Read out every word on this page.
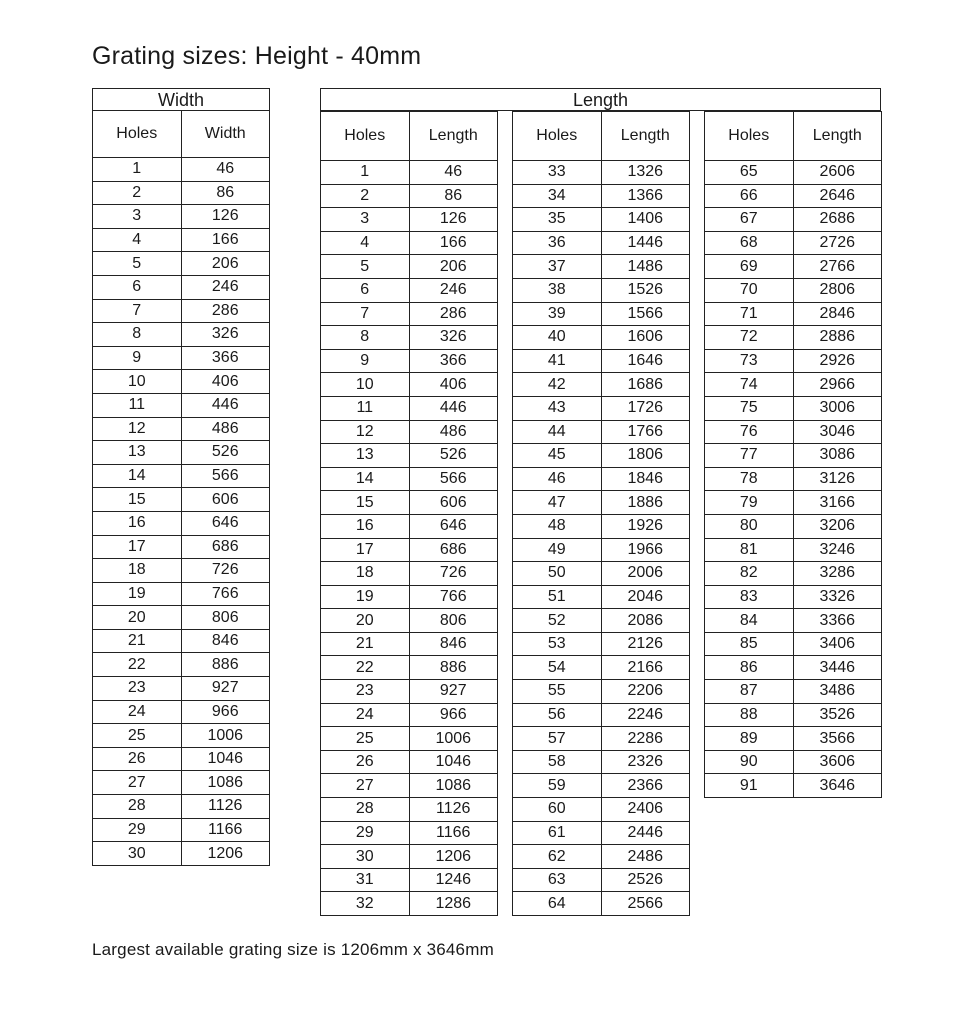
Grating sizes: Height - 40mm
Width	
Holes	Width
1	46
2	86
3	126
4	166
5	206
6	246
7	286
8	326
9	366
10	406
11	446
12	486
13	526
14	566
15	606
16	646
17	686
18	726
19	766
20	806
21	846
22	886
23	927
24	966
25	1006
26	1046
27	1086
28	1126
29	1166
30	1206
Length
Holes	Length
1	46
2	86
3	126
4	166
5	206
6	246
7	286
8	326
9	366
10	406
11	446
12	486
13	526
14	566
15	606
16	646
17	686
18	726
19	766
20	806
21	846
22	886
23	927
24	966
25	1006
26	1046
27	1086
28	1126
29	1166
30	1206
31	1246
32	1286
Holes	Length
33	1326
34	1366
35	1406
36	1446
37	1486
38	1526
39	1566
40	1606
41	1646
42	1686
43	1726
44	1766
45	1806
46	1846
47	1886
48	1926
49	1966
50	2006
51	2046
52	2086
53	2126
54	2166
55	2206
56	2246
57	2286
58	2326
59	2366
60	2406
61	2446
62	2486
63	2526
64	2566
Holes	Length
65	2606
66	2646
67	2686
68	2726
69	2766
70	2806
71	2846
72	2886
73	2926
74	2966
75	3006
76	3046
77	3086
78	3126
79	3166
80	3206
81	3246
82	3286
83	3326
84	3366
85	3406
86	3446
87	3486
88	3526
89	3566
90	3606
91	3646
Largest available grating size is 1206mm x 3646mm
